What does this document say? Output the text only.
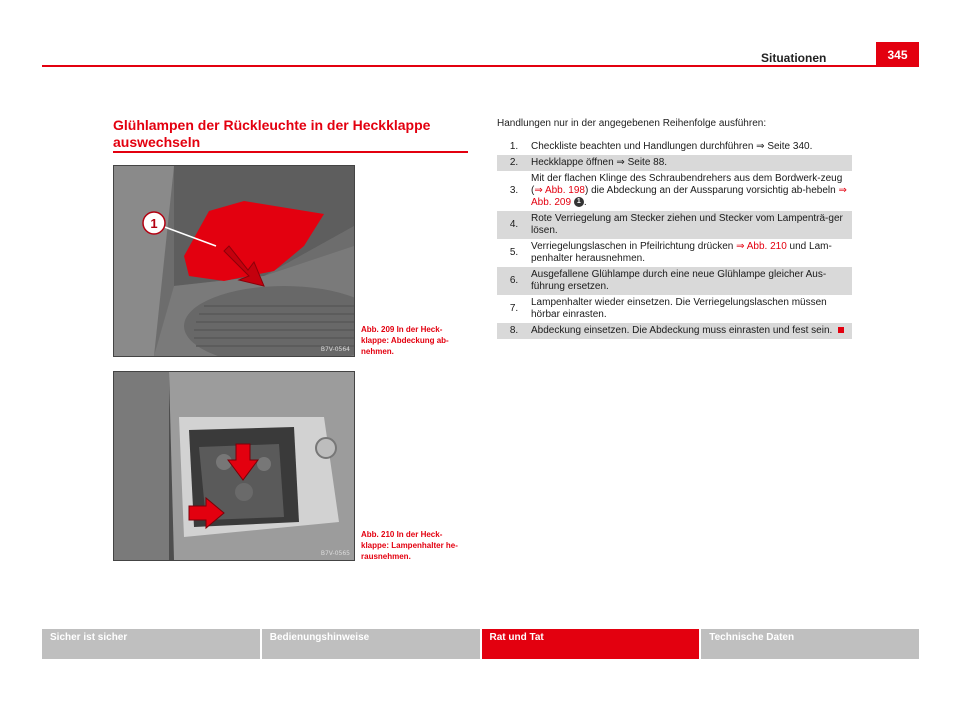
Situationen	345
Glühlampen der Rückleuchte in der Heckklappe
auswechseln
1
B7V-0564
Abb. 209 In der Heck-klappe: Abdeckung ab-nehmen.
B7V-0565
Abb. 210 In der Heck-klappe: Lampenhalter he-rausnehmen.
Handlungen nur in der angegebenen Reihenfolge ausführen:
1.	Checkliste beachten und Handlungen durchführen ⇒ Seite 340.
2.	Heckklappe öffnen ⇒ Seite 88.
3.
Mit der flachen Klinge des Schraubendrehers aus dem Bordwerk-zeug (⇒ Abb. 198) die Abdeckung an der Aussparung vorsichtig ab-hebeln ⇒ Abb. 209 1 .
4.
Rote Verriegelung am Stecker ziehen und Stecker vom Lampenträ-ger lösen.
5.
Verriegelungslaschen in Pfeilrichtung drücken ⇒ Abb. 210 und Lam-penhalter herausnehmen.
6.
Ausgefallene Glühlampe durch eine neue Glühlampe gleicher Aus-führung ersetzen.
7.
Lampenhalter wieder einsetzen. Die Verriegelungslaschen müssen hörbar einrasten.
8.	Abdeckung einsetzen. Die Abdeckung muss einrasten und fest sein.
Sicher ist sicher	Bedienungshinweise	Rat und Tat	Technische Daten
